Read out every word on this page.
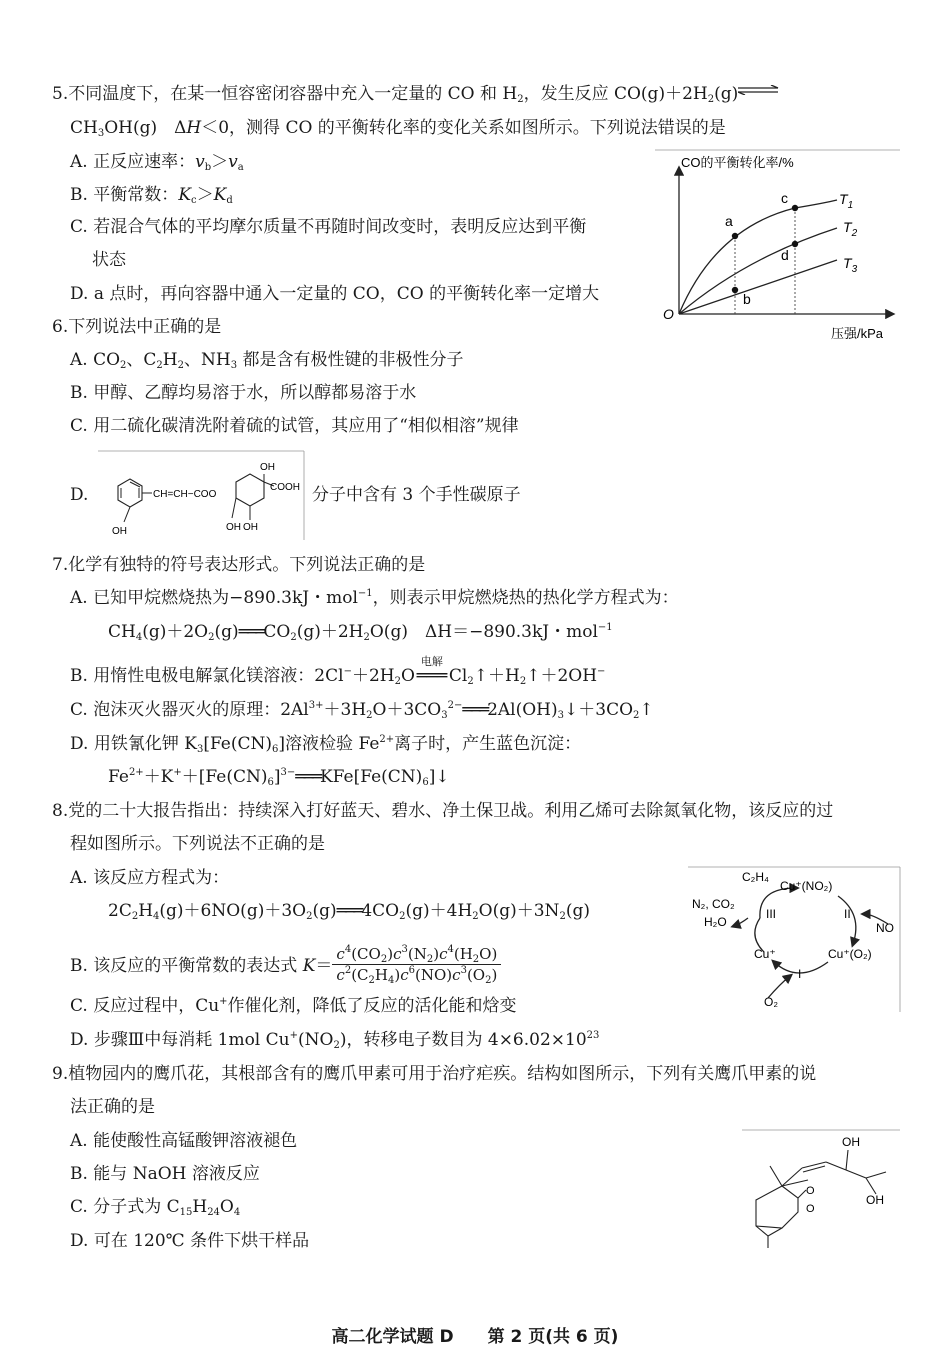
5.不同温度下，在某一恒容密闭容器中充入一定量的 CO 和 $H_2$，发生反应 $CO(g)+2H_2(g)\rightleftharpoons$
$CH_3OH(g)$　ΔH＜0，测得 CO 的平衡转化率的变化关系如图所示。下列说法错误的是
A. 正反应速率：$v_b>v_a$
B. 平衡常数：$K_c>K_d$
C. 若混合气体的平均摩尔质量不再随时间改变时，表明反应达到平衡
状态
D. a 点时，再向容器中通入一定量的 CO，CO 的平衡转化率一定增大
CO的平衡转化率/%
压强/kPa
O
a
b
c
d
$T_1$
$T_2$
$T_3$
6.下列说法中正确的是
A. $CO_2$、$C_2H_2$、$NH_3$ 都是含有极性键的非极性分子
B. 甲醇、乙醇均易溶于水，所以醇都易溶于水
C. 用二硫化碳清洗附着硫的试管，其应用了“相似相溶”规律
D.
OH
CH=CH−COO
OH
COOH
OH
OH
分子中含有 3 个手性碳原子
7.化学有独特的符号表达形式。下列说法正确的是
A. 已知甲烷燃烧热为−890.3kJ・mol$^{-1}$，则表示甲烷燃烧热的热化学方程式为：
$CH_4(g)+2O_2(g)═══CO_2(g)+2H_2O(g)$　ΔH＝−890.3kJ・mol$^{-1}$
B. 用惰性电极电解氯化镁溶液：$2Cl^-+2H_2O$
电解
$═══Cl_2↑+H_2↑+2OH^-$
C. 泡沫灭火器灭火的原理：$2Al^{3+}+3H_2O+3CO_3^{2-}═══2Al(OH)_3↓+3CO_2↑$
D. 用铁氰化钾 $K_3[Fe(CN)_6]$溶液检验 $Fe^{2+}$离子时，产生蓝色沉淀：
$Fe^{2+}+K^++[Fe(CN)_6]^{3-}═══KFe[Fe(CN)_6]↓$
8.党的二十大报告指出：持续深入打好蓝天、碧水、净土保卫战。利用乙烯可去除氮氧化物，该反应的过
程如图所示。下列说法不正确的是
A. 该反应方程式为：
$2C_2H_4(g)+6NO(g)+3O_2(g)═══4CO_2(g)+4H_2O(g)+3N_2(g)$
B. 该反应的平衡常数的表达式 $K= \frac{c^4(CO_2)c^3(N_2)c^4(H_2O)}{c^2(C_2H_4)c^6(NO)c^3(O_2)}$
C. 反应过程中，Cu+作催化剂，降低了反应的活化能和焓变
D. 步骤Ⅲ中每消耗 1mol $Cu^+(NO_2)$，转移电子数目为 $4\times 6.02\times 10^{23}$
C₂H₄
Cu⁺(NO₂)
N₂, CO₂
H₂O	NO
Cu⁺	Cu⁺(O₂)
O₂
I
II
III
9.植物园内的鹰爪花，其根部含有的鹰爪甲素可用于治疗疟疾。结构如图所示，下列有关鹰爪甲素的说
法正确的是
A. 能使酸性高锰酸钾溶液褪色
B. 能与 NaOH 溶液反应
C. 分子式为 $C_{15}H_{24}O_4$
D. 可在 120℃ 条件下烘干样品
OH
OH
O
O
高二化学试题 D　　第 2 页(共 6 页)
